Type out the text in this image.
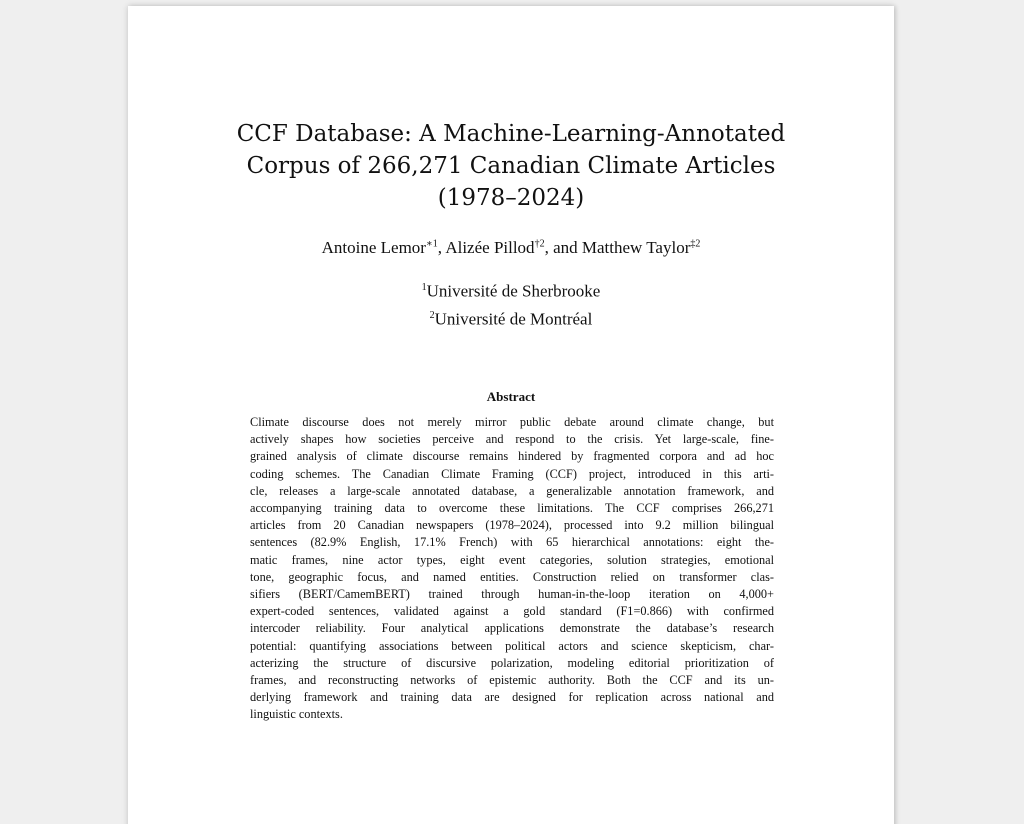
CCF Database: A Machine-Learning-Annotated
Corpus of 266,271 Canadian Climate Articles
(1978–2024)
Antoine Lemor$^{∗1}$, Alizée Pillod$^{\dagger 2}$, and Matthew Taylor$^{\ddagger 2}$
$^1$Université de Sherbrooke
$^2$Université de Montréal
Abstract
Climate discourse does not merely mirror public debate around climate change, but
actively shapes how societies perceive and respond to the crisis. Yet large-scale, fine-
grained analysis of climate discourse remains hindered by fragmented corpora and ad hoc
coding schemes. The Canadian Climate Framing (CCF) project, introduced in this arti-
cle, releases a large-scale annotated database, a generalizable annotation framework, and
accompanying training data to overcome these limitations. The CCF comprises 266,271
articles from 20 Canadian newspapers (1978–2024), processed into 9.2 million bilingual
sentences (82.9% English, 17.1% French) with 65 hierarchical annotations: eight the-
matic frames, nine actor types, eight event categories, solution strategies, emotional
tone, geographic focus, and named entities. Construction relied on transformer clas-
sifiers (BERT/CamemBERT) trained through human-in-the-loop iteration on 4,000+
expert-coded sentences, validated against a gold standard (F1=0.866) with confirmed
intercoder reliability. Four analytical applications demonstrate the database’s research
potential: quantifying associations between political actors and science skepticism, char-
acterizing the structure of discursive polarization, modeling editorial prioritization of
frames, and reconstructing networks of epistemic authority. Both the CCF and its un-
derlying framework and training data are designed for replication across national and
linguistic contexts.
